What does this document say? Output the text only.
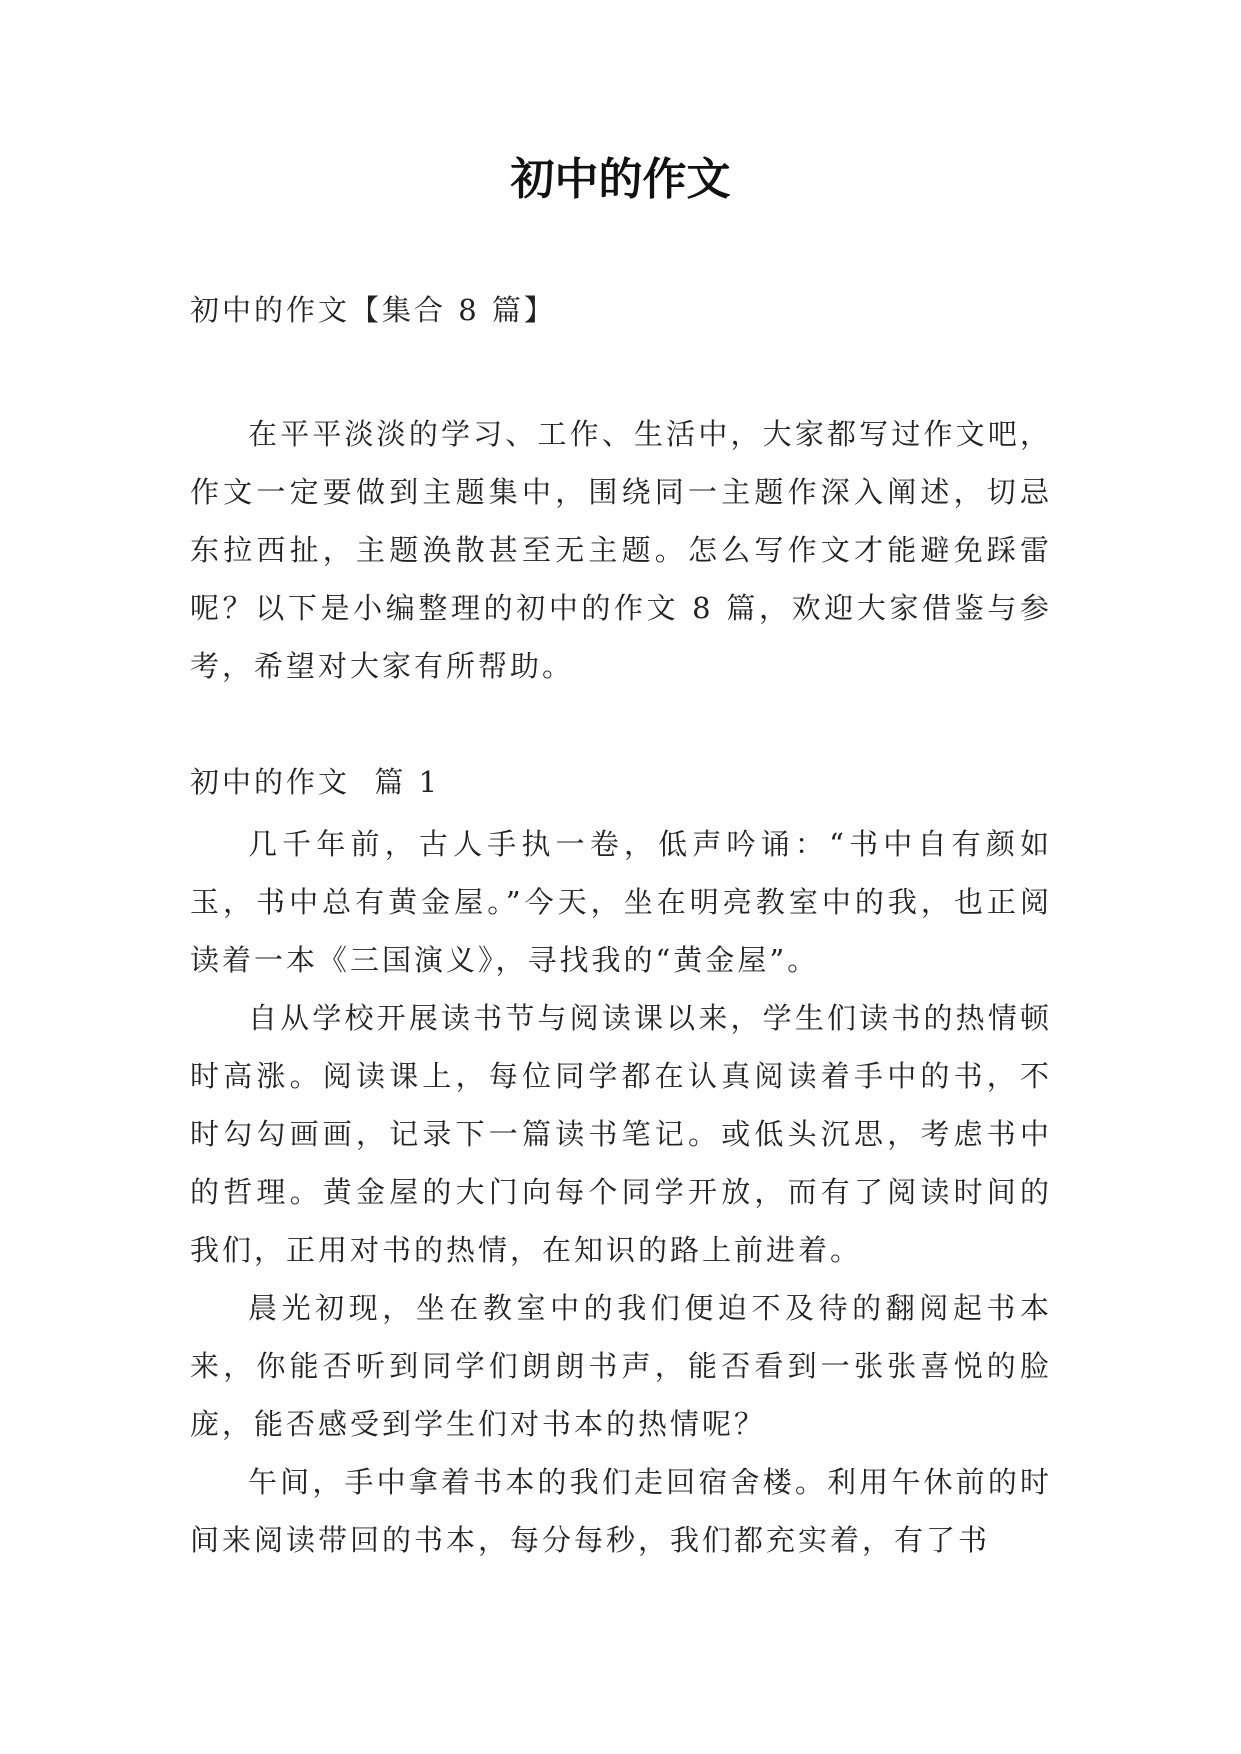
初中的作文
初中的作文【集合 8 篇】

在平平淡淡的学习、工作、生活中，大家都写过作文吧，作文一定要做到主题集中，围绕同一主题作深入阐述，切忌东拉西扯，主题涣散甚至无主题。怎么写作文才能避免踩雷呢？以下是小编整理的初中的作文 8 篇，欢迎大家借鉴与参考，希望对大家有所帮助。

初中的作文  篇 1

几千年前，古人手执一卷，低声吟诵：“书中自有颜如玉，书中总有黄金屋。”今天，坐在明亮教室中的我，也正阅读着一本《三国演义》，寻找我的“黄金屋”。

自从学校开展读书节与阅读课以来，学生们读书的热情顿时高涨。阅读课上，每位同学都在认真阅读着手中的书，不时勾勾画画，记录下一篇读书笔记。或低头沉思，考虑书中的哲理。黄金屋的大门向每个同学开放，而有了阅读时间的我们，正用对书的热情，在知识的路上前进着。

晨光初现，坐在教室中的我们便迫不及待的翻阅起书本来，你能否听到同学们朗朗书声，能否看到一张张喜悦的脸庞，能否感受到学生们对书本的热情呢？

午间，手中拿着书本的我们走回宿舍楼。利用午休前的时间来阅读带回的书本，每分每秒，我们都充实着，有了书
